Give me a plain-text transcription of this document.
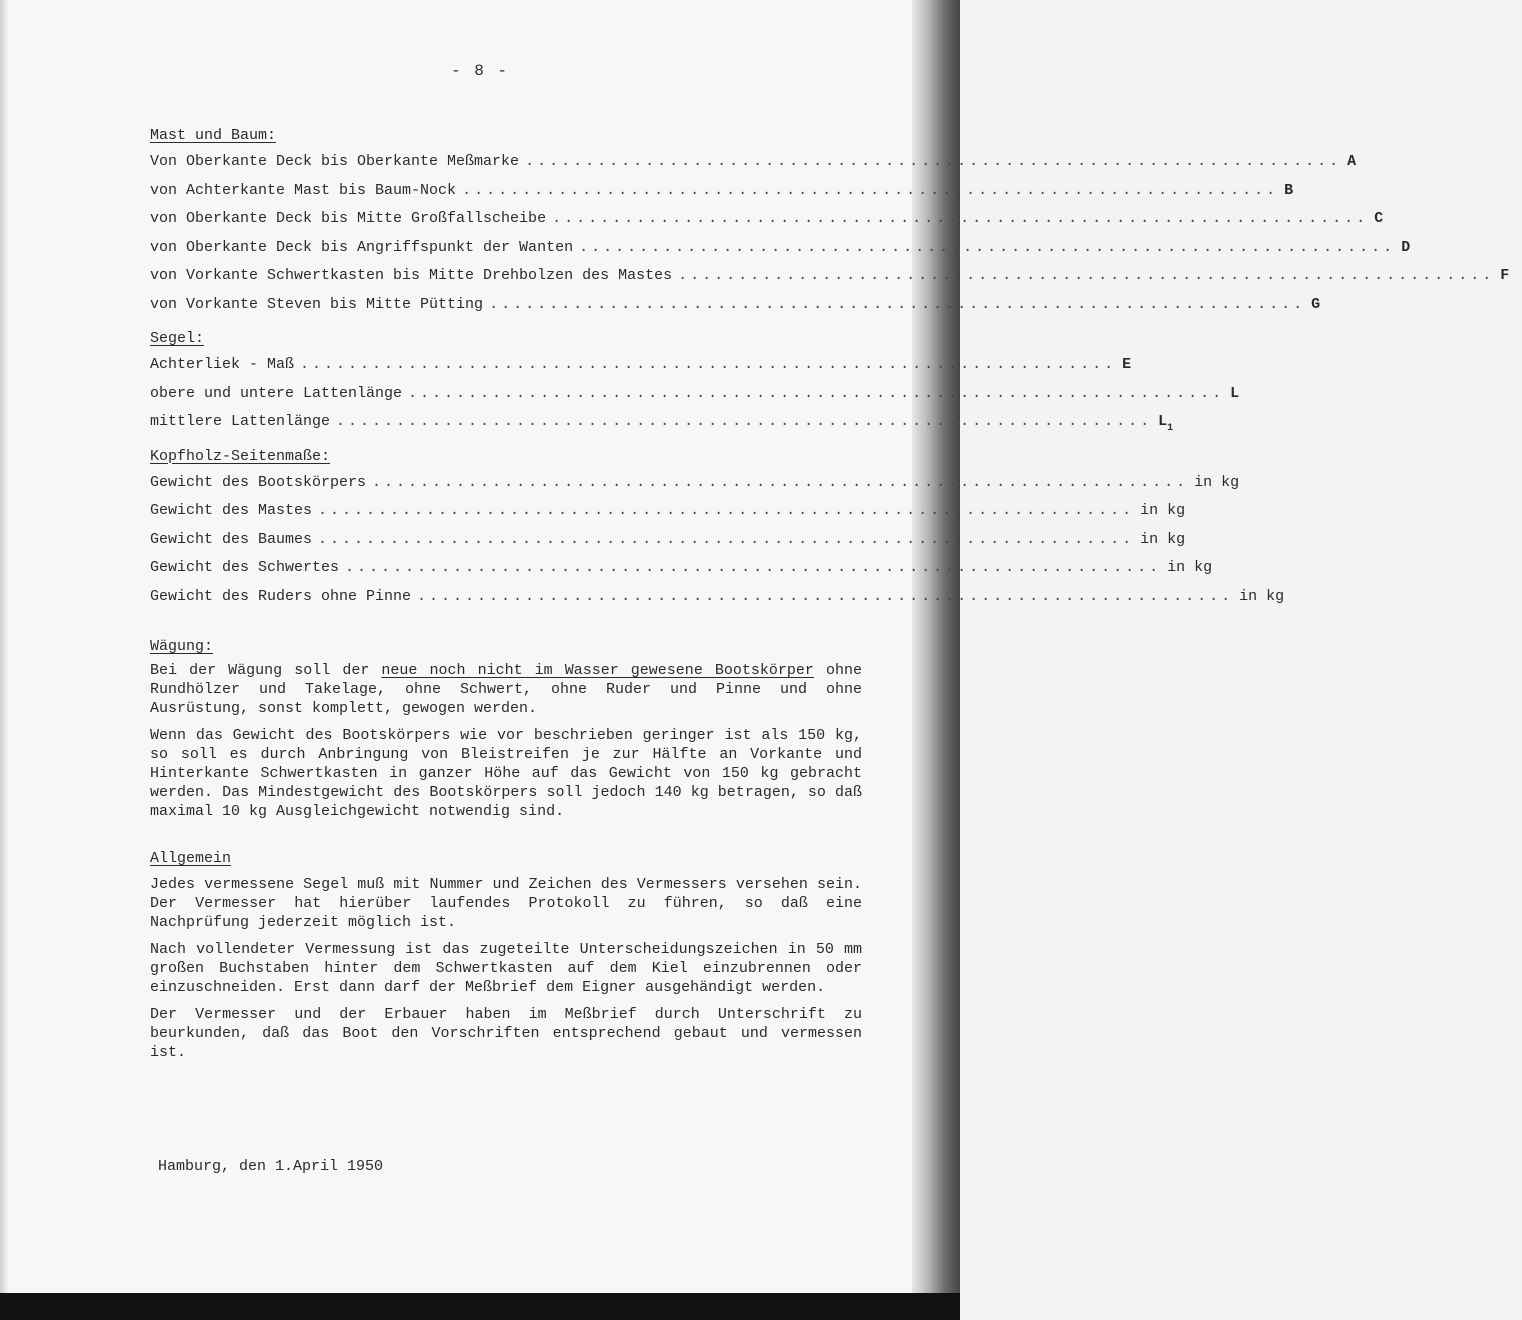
- 8 -

Mast und Baum:

Von Oberkante Deck bis Oberkante Meßmarke .................................................................... A
von Achterkante Mast bis Baum-Nock .................................................................... B
von Oberkante Deck bis Mitte Großfallscheibe .................................................................... C
von Oberkante Deck bis Angriffspunkt der Wanten .................................................................... D
von Vorkante Schwertkasten bis Mitte Drehbolzen des Mastes .................................................................... F
von Vorkante Steven bis Mitte Pütting .................................................................... G

Segel:

Achterliek - Maß .................................................................... E
obere und untere Lattenlänge .................................................................... L
mittlere Lattenlänge .................................................................... $L_1$

Kopfholz-Seitenmaße:

Gewicht des Bootskörpers .................................................................... in kg
Gewicht des Mastes .................................................................... in kg
Gewicht des Baumes .................................................................... in kg
Gewicht des Schwertes .................................................................... in kg
Gewicht des Ruders ohne Pinne .................................................................... in kg

Wägung:

Bei der Wägung soll der neue noch nicht im Wasser gewesene Bootskörper ohne Rundhölzer und Takelage, ohne Schwert, ohne Ruder und Pinne und ohne Ausrüstung, sonst komplett, gewogen werden.

Wenn das Gewicht des Bootskörpers wie vor beschrieben geringer ist als 150 kg, so soll es durch Anbringung von Bleistreifen je zur Hälfte an Vorkante und Hinterkante Schwertkasten in ganzer Höhe auf das Gewicht von 150 kg gebracht werden. Das Mindestgewicht des Bootskörpers soll jedoch 140 kg betragen, so daß maximal 10 kg Ausgleichgewicht notwendig sind.

Allgemein

Jedes vermessene Segel muß mit Nummer und Zeichen des Vermessers versehen sein. Der Vermesser hat hierüber laufendes Protokoll zu führen, so daß eine Nachprüfung jederzeit möglich ist.

Nach vollendeter Vermessung ist das zugeteilte Unterscheidungszeichen in 50 mm großen Buchstaben hinter dem Schwertkasten auf dem Kiel einzubrennen oder einzuschneiden. Erst dann darf der Meßbrief dem Eigner ausgehändigt werden.

Der Vermesser und der Erbauer haben im Meßbrief durch Unterschrift zu beurkunden, daß das Boot den Vorschriften entsprechend gebaut und vermessen ist.

Hamburg, den 1.April 1950
